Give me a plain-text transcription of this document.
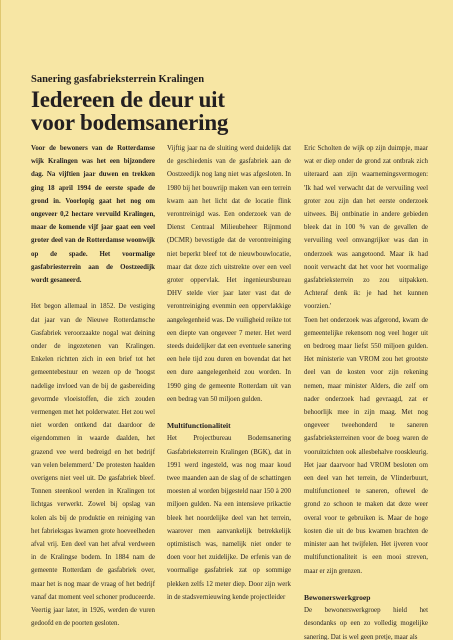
Sanering gasfabrieksterrein Kralingen
Iedereen de deur uit
voor bodemsanering

Voor de bewoners van de Rotterdamse wijk Kralingen was het een bijzondere dag. Na vijftien jaar duwen en trekken ging 18 april 1994 de eerste spade de grond in. Voorlopig gaat het nog om ongeveer 0,2 hectare vervuild Kralingen, maar de komende vijf jaar gaat een veel groter deel van de Rotterdamse woonwijk op de spade. Het voormalige gasfabriesterrein aan de Oostzeedijk wordt gesaneerd.

Het begon allemaal in 1852. De vestiging dat jaar van de Nieuwe Rotterdamsche Gasfabriek veroorzaakte nogal wat deining onder de ingezetenen van Kralingen. Enkelen richtten zich in een brief tot het gemeentebestuur en wezen op de 'hoogst nadelige invloed van de bij de gasbereiding gevormde vloeistoffen, die zich zouden vermengen met het polderwater. Het zou wel niet worden ontkend dat daardoor de eigendommen in waarde daalden, het grazend vee werd bedreigd en het bedrijf van velen belemmerd.' De protesten haalden overigens niet veel uit. De gasfabriek bleef. Tonnen steenkool werden in Kralingen tot lichtgas verwerkt. Zowel bij opslag van kolen als bij de produktie en reiniging van het fabrieksgas kwamen grote hoeveelheden afval vrij. Een deel van het afval verdween in de Kralingse bodem. In 1884 nam de gemeente Rotterdam de gasfabriek over, maar het is nog maar de vraag of het bedrijf vanaf dat moment veel schoner produceerde. Veertig jaar later, in 1926, werden de vuren gedoofd en de poorten gesloten.

Vijftig jaar na de sluiting werd duidelijk dat de geschiedenis van de gasfabriek aan de Oostzeedijk nog lang niet was afgesloten. In 1980 bij het bouwrijp maken van een terrein kwam aan het licht dat de locatie flink verontreinigd was. Een onderzoek van de Dienst Centraal Milieubeheer Rijnmond (DCMR) bevestigde dat de verontreiniging niet beperkt bleef tot de nieuwbouwlocatie, maar dat deze zich uitstrekte over een veel groter oppervlak. Het ingenieursbureau DHV stelde vier jaar later vast dat de verontreiniging evenmin een oppervlakkige aangelegenheid was. De vuiligheid reikte tot een diepte van ongeveer 7 meter. Het werd steeds duidelijker dat een eventuele sanering een hele tijd zou duren en bovendat dat het een dure aangelegenheid zou worden. In 1990 ging de gemeente Rotterdam uit van een bedrag van 50 miljoen gulden.

Multifunctionaliteit

Het Projectbureau Bodemsanering Gasfabrieksterrein Kralingen (BGK), dat in 1991 werd ingesteld, was nog maar koud twee maanden aan de slag of de schattingen moesten al worden bijgesteld naar 150 à 200 miljoen gulden. Na een intensieve prikactie bleek het noordelijke deel van het terrein, waarover men aanvankelijk betrekkelijk optimistisch was, namelijk niet onder te doen voor het zuidelijke. De erfenis van de voormalige gasfabriek zat op sommige plekken zelfs 12 meter diep. Door zijn werk in de stadsvernieuwing kende projectleider

Eric Scholten de wijk op zijn duimpje, maar wat er diep onder de grond zat ontbrak zich uiteraard aan zijn waarnemingsvermogen: 'Ik had wel verwacht dat de vervuiling veel groter zou zijn dan het eerste onderzoek uitwees. Bij ontbinatie in andere gebieden bleek dat in 100 % van de gevallen de vervuiling veel omvangrijker was dan in onderzoek was aangetoond. Maar ik had nooit verwacht dat het voor het voormalige gasfabrieksterrein zo zou uitpakken. Achteraf denk ik: je had het kunnen voorzien.'

Toen het onderzoek was afgerond, kwam de gemeentelijke rekensom nog veel hoger uit en bedroeg maar liefst 550 miljoen gulden. Het ministerie van VROM zou het grootste deel van de kosten voor zijn rekening nemen, maar minister Alders, die zelf om nader onderzoek had gevraagd, zat er behoorlijk mee in zijn maag. Met nog ongeveer tweehonderd te saneren gasfabrieksterreinen voor de boeg waren de vooruitzichten ook allesbehalve rooskleurig. Het jaar daarvoor had VROM besloten om een deel van het terrein, de Vlinderbuurt, multifunctioneel te saneren, oftewel de grond zo schoon te maken dat deze weer overal voor te gebruiken is. Maar de hoge kosten die uit de bus kwamen brachten de minister aan het twijfelen. Het ijveren voor multifunctionaliteit is een mooi streven, maar er zijn grenzen.

Bewonerswerkgroep

De bewonerswerkgroep hield het desondanks op een zo volledig mogelijke sanering. Dat is wel geen pretje, maar als
